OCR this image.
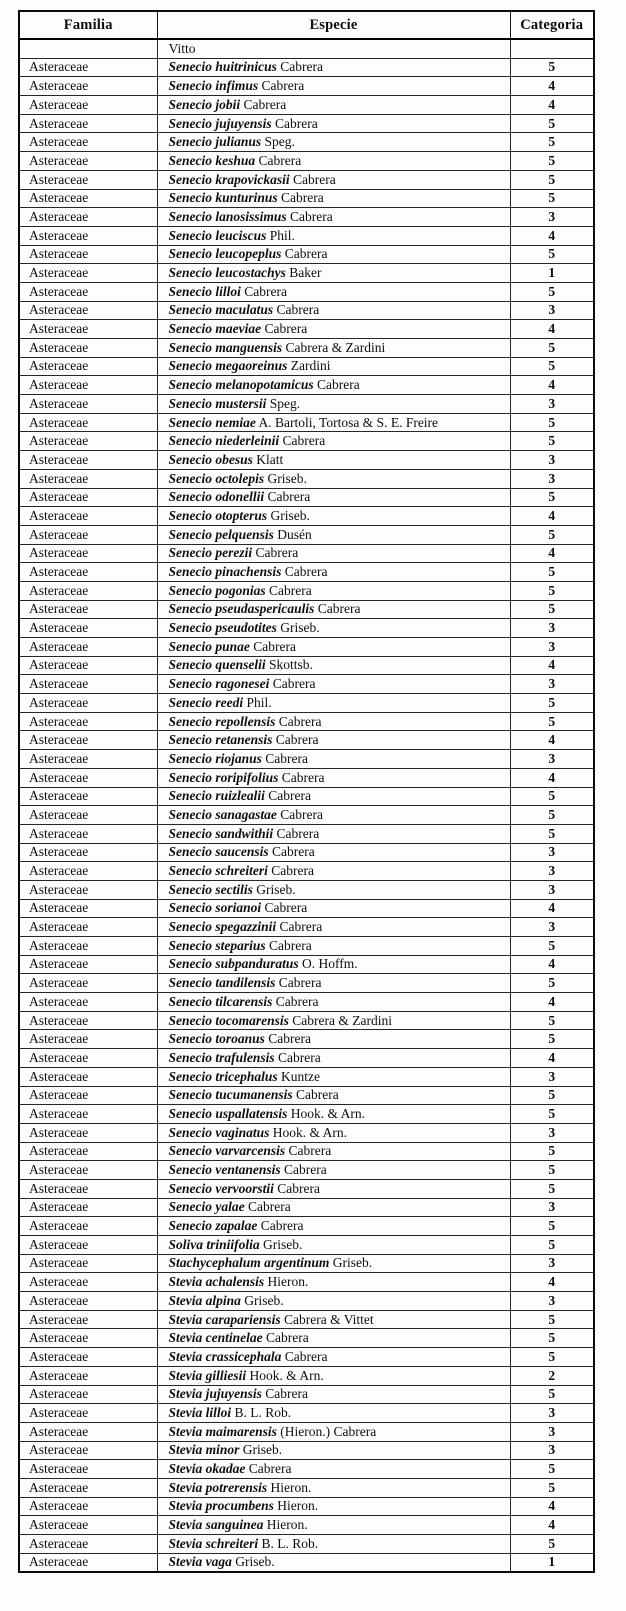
Familia	Especie	Categoria
	Vitto	
Asteraceae	Senecio huitrinicus Cabrera	5
Asteraceae	Senecio infimus Cabrera	4
Asteraceae	Senecio jobii Cabrera	4
Asteraceae	Senecio jujuyensis Cabrera	5
Asteraceae	Senecio julianus Speg.	5
Asteraceae	Senecio keshua Cabrera	5
Asteraceae	Senecio krapovickasii Cabrera	5
Asteraceae	Senecio kunturinus Cabrera	5
Asteraceae	Senecio lanosissimus Cabrera	3
Asteraceae	Senecio leuciscus Phil.	4
Asteraceae	Senecio leucopeplus Cabrera	5
Asteraceae	Senecio leucostachys Baker	1
Asteraceae	Senecio lilloi Cabrera	5
Asteraceae	Senecio maculatus Cabrera	3
Asteraceae	Senecio maeviae Cabrera	4
Asteraceae	Senecio manguensis Cabrera & Zardini	5
Asteraceae	Senecio megaoreinus Zardini	5
Asteraceae	Senecio melanopotamicus Cabrera	4
Asteraceae	Senecio mustersii Speg.	3
Asteraceae	Senecio nemiae A. Bartoli, Tortosa & S. E. Freire	5
Asteraceae	Senecio niederleinii Cabrera	5
Asteraceae	Senecio obesus Klatt	3
Asteraceae	Senecio octolepis Griseb.	3
Asteraceae	Senecio odonellii Cabrera	5
Asteraceae	Senecio otopterus Griseb.	4
Asteraceae	Senecio pelquensis Dusén	5
Asteraceae	Senecio perezii Cabrera	4
Asteraceae	Senecio pinachensis Cabrera	5
Asteraceae	Senecio pogonias Cabrera	5
Asteraceae	Senecio pseudaspericaulis Cabrera	5
Asteraceae	Senecio pseudotites Griseb.	3
Asteraceae	Senecio punae Cabrera	3
Asteraceae	Senecio quenselii Skottsb.	4
Asteraceae	Senecio ragonesei Cabrera	3
Asteraceae	Senecio reedi Phil.	5
Asteraceae	Senecio repollensis Cabrera	5
Asteraceae	Senecio retanensis Cabrera	4
Asteraceae	Senecio riojanus Cabrera	3
Asteraceae	Senecio roripifolius Cabrera	4
Asteraceae	Senecio ruizlealii Cabrera	5
Asteraceae	Senecio sanagastae Cabrera	5
Asteraceae	Senecio sandwithii Cabrera	5
Asteraceae	Senecio saucensis Cabrera	3
Asteraceae	Senecio schreiteri Cabrera	3
Asteraceae	Senecio sectilis Griseb.	3
Asteraceae	Senecio sorianoi Cabrera	4
Asteraceae	Senecio spegazzinii Cabrera	3
Asteraceae	Senecio steparius Cabrera	5
Asteraceae	Senecio subpanduratus O. Hoffm.	4
Asteraceae	Senecio tandilensis Cabrera	5
Asteraceae	Senecio tilcarensis Cabrera	4
Asteraceae	Senecio tocomarensis Cabrera & Zardini	5
Asteraceae	Senecio toroanus Cabrera	5
Asteraceae	Senecio trafulensis Cabrera	4
Asteraceae	Senecio tricephalus Kuntze	3
Asteraceae	Senecio tucumanensis Cabrera	5
Asteraceae	Senecio uspallatensis Hook. & Arn.	5
Asteraceae	Senecio vaginatus Hook. & Arn.	3
Asteraceae	Senecio varvarcensis Cabrera	5
Asteraceae	Senecio ventanensis Cabrera	5
Asteraceae	Senecio vervoorstii Cabrera	5
Asteraceae	Senecio yalae Cabrera	3
Asteraceae	Senecio zapalae Cabrera	5
Asteraceae	Soliva triniifolia Griseb.	5
Asteraceae	Stachycephalum argentinum Griseb.	3
Asteraceae	Stevia achalensis Hieron.	4
Asteraceae	Stevia alpina Griseb.	3
Asteraceae	Stevia carapariensis Cabrera & Vittet	5
Asteraceae	Stevia centinelae Cabrera	5
Asteraceae	Stevia crassicephala Cabrera	5
Asteraceae	Stevia gilliesii Hook. & Arn.	2
Asteraceae	Stevia jujuyensis Cabrera	5
Asteraceae	Stevia lilloi B. L. Rob.	3
Asteraceae	Stevia maimarensis (Hieron.) Cabrera	3
Asteraceae	Stevia minor Griseb.	3
Asteraceae	Stevia okadae Cabrera	5
Asteraceae	Stevia potrerensis Hieron.	5
Asteraceae	Stevia procumbens Hieron.	4
Asteraceae	Stevia sanguinea Hieron.	4
Asteraceae	Stevia schreiteri B. L. Rob.	5
Asteraceae	Stevia vaga Griseb.	1
